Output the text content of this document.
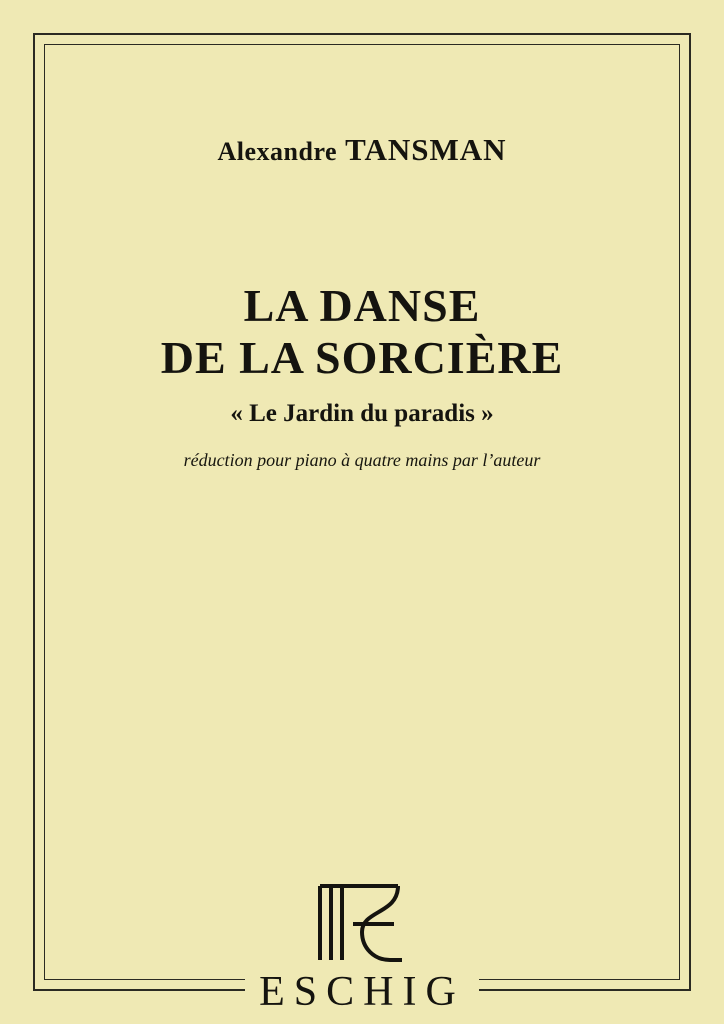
Alexandre TANSMAN
LA DANSE
DE LA SORCIÈRE
« Le Jardin du paradis »
réduction pour piano à quatre mains par l’auteur
ESCHIG
